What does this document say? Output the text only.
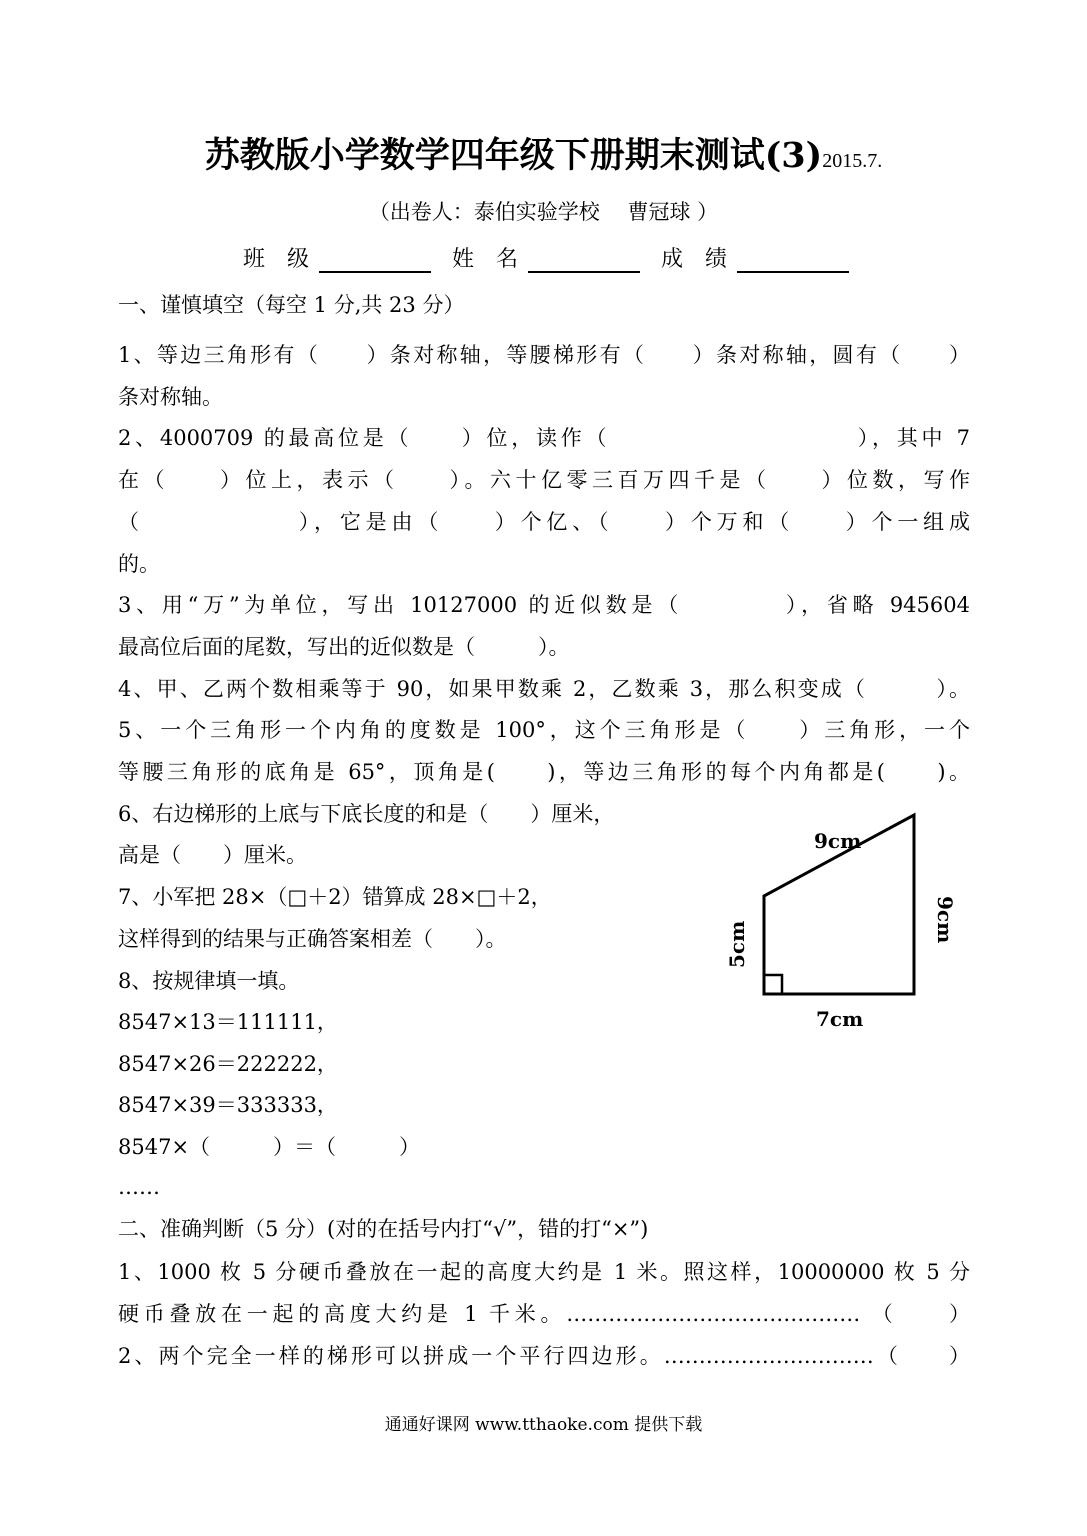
苏教版小学数学四年级下册期末测试(3)2015.7.
（出卷人：泰伯实验学校　 曹冠球 ）
班　级	姓　名	成　绩
一、谨慎填空（每空 1 分,共 23 分）
1、等边三角形有（　　）条对称轴，等腰梯形有（　　）条对称轴，圆有（　　）
条对称轴。
2、4000709 的最高位是（　　）位，读作（　　　　　　　　　　），其中 7
在（　　）位上，表示（　　）。六十亿零三百万四千是（　　）位数，写作
（　　　　　　），它是由（　　）个亿、（　　）个万和（　　）个一组成
的。
3、用“万”为单位，写出 10127000 的近似数是（　　　　），省略 945604
最高位后面的尾数，写出的近似数是（　　　）。
4、甲、乙两个数相乘等于 90，如果甲数乘 2，乙数乘 3，那么积变成（　　　）。
5、一个三角形一个内角的度数是 100°，这个三角形是（　　）三角形，一个
等腰三角形的底角是 65°，顶角是(　　)，等边三角形的每个内角都是(　　)。
6、右边梯形的上底与下底长度的和是（　　）厘米，
高是（　　）厘米。
7、小军把 28×（□＋2）错算成 28×□＋2，
这样得到的结果与正确答案相差（　　）。
8、按规律填一填。
8547×13＝111111，
8547×26＝222222，
8547×39＝333333，
8547×（　　　）＝（　　　）
……
9cm
9cm
5cm
7cm
二、准确判断（5 分）(对的在括号内打“√”，错的打“×”)
1、1000 枚 5 分硬币叠放在一起的高度大约是 1 米。照这样，10000000 枚 5 分
硬币叠放在一起的高度大约是 1 千米。…………………………………… （　　）
2、两个完全一样的梯形可以拼成一个平行四边形。…………………………（　　）
通通好课网 www.tthaoke.com 提供下载
